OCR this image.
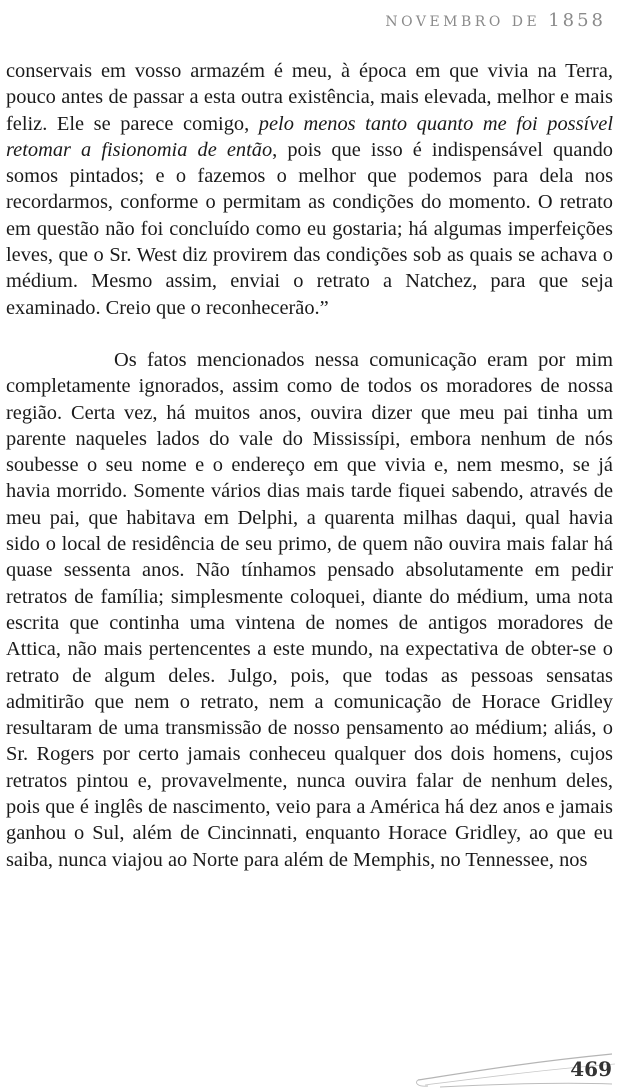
NOVEMBRO DE 1858

conservais em vosso armazém é meu, à época em que vivia na Terra, pouco antes de passar a esta outra existência, mais elevada, melhor e mais feliz. Ele se parece comigo, pelo menos tanto quanto me foi possível retomar a fisionomia de então, pois que isso é indispensável quando somos pintados; e o fazemos o melhor que podemos para dela nos recordarmos, conforme o permitam as condições do momento. O retrato em questão não foi concluído como eu gostaria; há algumas imperfeições leves, que o Sr. West diz provirem das condições sob as quais se achava o médium. Mesmo assim, enviai o retrato a Natchez, para que seja examinado. Creio que o reconhecerão.”

Os fatos mencionados nessa comunicação eram por mim completamente ignorados, assim como de todos os moradores de nossa região. Certa vez, há muitos anos, ouvira dizer que meu pai tinha um parente naqueles lados do vale do Mississípi, embora nenhum de nós soubesse o seu nome e o endereço em que vivia e, nem mesmo, se já havia morrido. Somente vários dias mais tarde fiquei sabendo, através de meu pai, que habitava em Delphi, a quarenta milhas daqui, qual havia sido o local de residência de seu primo, de quem não ouvira mais falar há quase sessenta anos. Não tínhamos pensado absolutamente em pedir retratos de família; simplesmente coloquei, diante do médium, uma nota escrita que continha uma vintena de nomes de antigos moradores de Attica, não mais pertencentes a este mundo, na expectativa de obter-se o retrato de algum deles. Julgo, pois, que todas as pessoas sensatas admitirão que nem o retrato, nem a comunicação de Horace Gridley resultaram de uma transmissão de nosso pensamento ao médium; aliás, o Sr. Rogers por certo jamais conheceu qualquer dos dois homens, cujos retratos pintou e, provavelmente, nunca ouvira falar de nenhum deles, pois que é inglês de nascimento, veio para a América há dez anos e jamais ganhou o Sul, além de Cincinnati, enquanto Horace Gridley, ao que eu saiba, nunca viajou ao Norte para além de Memphis, no Tennessee, nos

469
